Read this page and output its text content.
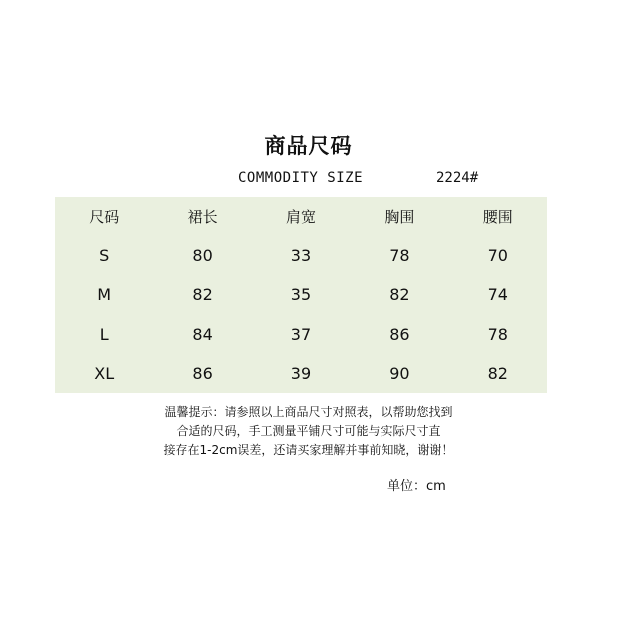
商品尺码
COMMODITY SIZE	2224#
尺码	裙长	肩宽	胸围	腰围
S	80	33	78	70
M	82	35	82	74
L	84	37	86	78
XL	86	39	90	82
温馨提示：请参照以上商品尺寸对照表，以帮助您找到
合适的尺码，手工测量平铺尺寸可能与实际尺寸直
接存在1-2cm误差，还请买家理解并事前知晓，谢谢！
单位：cm
